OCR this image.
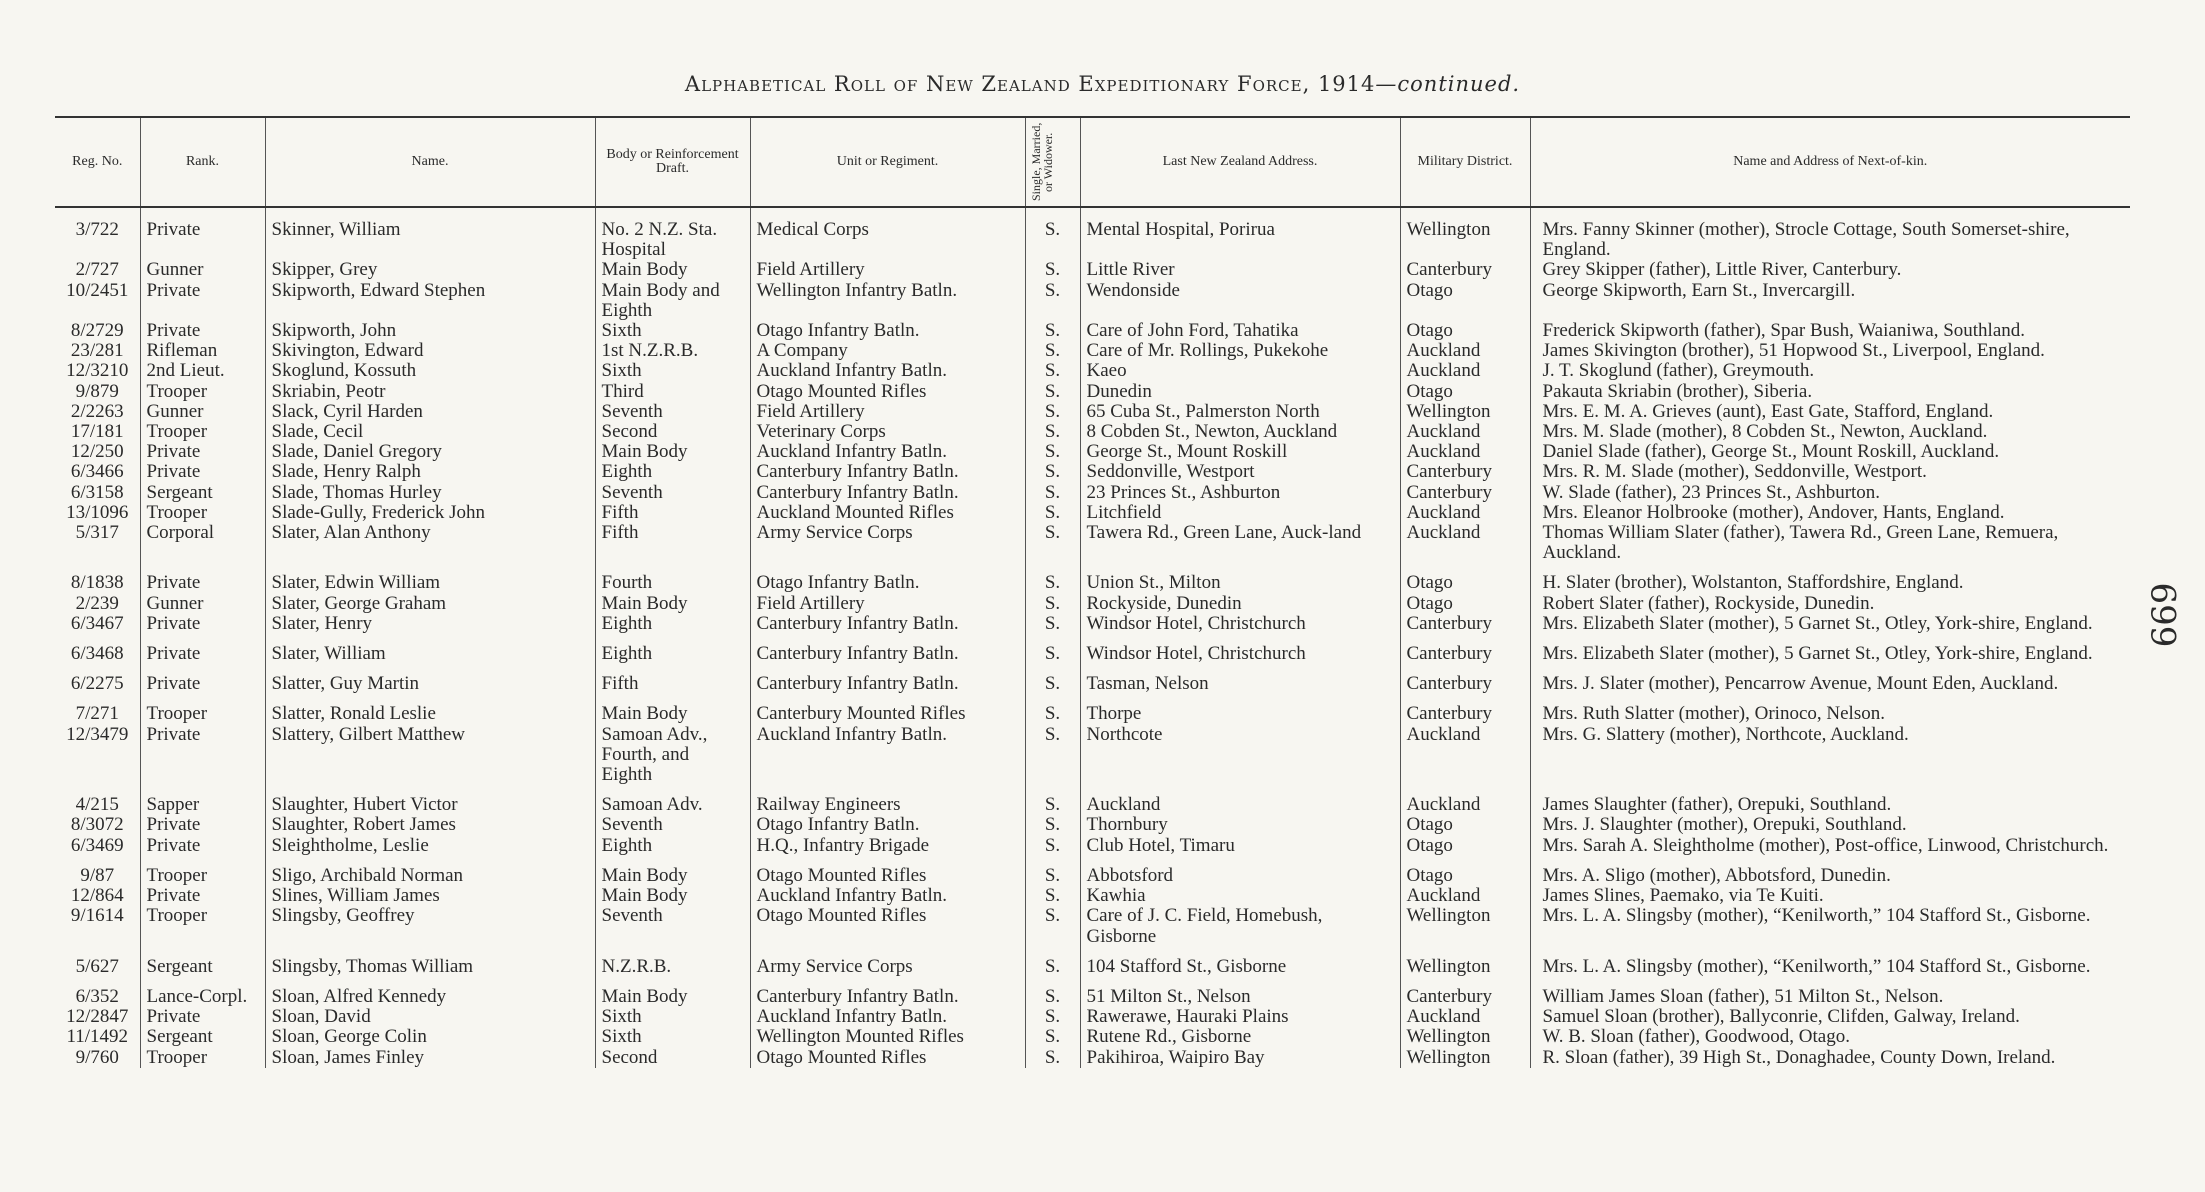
Alphabetical Roll of New Zealand Expeditionary Force, 1914—continued.
699
Reg. No.	Rank.	Name.	Body or Reinforcement Draft.	Unit or Regiment.	Single, Married, or Widower.	Last New Zealand Address.	Military District.	Name and Address of Next-of-kin.
3/722	Private	Skinner, William	No. 2 N.Z. Sta. Hospital	Medical Corps	S.	Mental Hospital, Porirua	Wellington	Mrs. Fanny Skinner (mother), Strocle Cottage, South Somerset-shire, England.
2/727	Gunner	Skipper, Grey	Main Body	Field Artillery	S.	Little River	Canterbury	Grey Skipper (father), Little River, Canterbury.
10/2451	Private	Skipworth, Edward Stephen	Main Body and Eighth	Wellington Infantry Batln.	S.	Wendonside	Otago	George Skipworth, Earn St., Invercargill.
8/2729	Private	Skipworth, John	Sixth	Otago Infantry Batln.	S.	Care of John Ford, Tahatika	Otago	Frederick Skipworth (father), Spar Bush, Waianiwa, Southland.
23/281	Rifleman	Skivington, Edward	1st N.Z.R.B.	A Company	S.	Care of Mr. Rollings, Pukekohe	Auckland	James Skivington (brother), 51 Hopwood St., Liverpool, England.
12/3210	2nd Lieut.	Skoglund, Kossuth	Sixth	Auckland Infantry Batln.	S.	Kaeo	Auckland	J. T. Skoglund (father), Greymouth.
9/879	Trooper	Skriabin, Peotr	Third	Otago Mounted Rifles	S.	Dunedin	Otago	Pakauta Skriabin (brother), Siberia.
2/2263	Gunner	Slack, Cyril Harden	Seventh	Field Artillery	S.	65 Cuba St., Palmerston North	Wellington	Mrs. E. M. A. Grieves (aunt), East Gate, Stafford, England.
17/181	Trooper	Slade, Cecil	Second	Veterinary Corps	S.	8 Cobden St., Newton, Auckland	Auckland	Mrs. M. Slade (mother), 8 Cobden St., Newton, Auckland.
12/250	Private	Slade, Daniel Gregory	Main Body	Auckland Infantry Batln.	S.	George St., Mount Roskill	Auckland	Daniel Slade (father), George St., Mount Roskill, Auckland.
6/3466	Private	Slade, Henry Ralph	Eighth	Canterbury Infantry Batln.	S.	Seddonville, Westport	Canterbury	Mrs. R. M. Slade (mother), Seddonville, Westport.
6/3158	Sergeant	Slade, Thomas Hurley	Seventh	Canterbury Infantry Batln.	S.	23 Princes St., Ashburton	Canterbury	W. Slade (father), 23 Princes St., Ashburton.
13/1096	Trooper	Slade-Gully, Frederick John	Fifth	Auckland Mounted Rifles	S.	Litchfield	Auckland	Mrs. Eleanor Holbrooke (mother), Andover, Hants, England.
5/317	Corporal	Slater, Alan Anthony	Fifth	Army Service Corps	S.	Tawera Rd., Green Lane, Auck-land	Auckland	Thomas William Slater (father), Tawera Rd., Green Lane, Remuera, Auckland.
8/1838	Private	Slater, Edwin William	Fourth	Otago Infantry Batln.	S.	Union St., Milton	Otago	H. Slater (brother), Wolstanton, Staffordshire, England.
2/239	Gunner	Slater, George Graham	Main Body	Field Artillery	S.	Rockyside, Dunedin	Otago	Robert Slater (father), Rockyside, Dunedin.
6/3467	Private	Slater, Henry	Eighth	Canterbury Infantry Batln.	S.	Windsor Hotel, Christchurch	Canterbury	Mrs. Elizabeth Slater (mother), 5 Garnet St., Otley, York-shire, England.
6/3468	Private	Slater, William	Eighth	Canterbury Infantry Batln.	S.	Windsor Hotel, Christchurch	Canterbury	Mrs. Elizabeth Slater (mother), 5 Garnet St., Otley, York-shire, England.
6/2275	Private	Slatter, Guy Martin	Fifth	Canterbury Infantry Batln.	S.	Tasman, Nelson	Canterbury	Mrs. J. Slater (mother), Pencarrow Avenue, Mount Eden, Auckland.
7/271	Trooper	Slatter, Ronald Leslie	Main Body	Canterbury Mounted Rifles	S.	Thorpe	Canterbury	Mrs. Ruth Slatter (mother), Orinoco, Nelson.
12/3479	Private	Slattery, Gilbert Matthew	Samoan Adv., Fourth, and Eighth	Auckland Infantry Batln.	S.	Northcote	Auckland	Mrs. G. Slattery (mother), Northcote, Auckland.
4/215	Sapper	Slaughter, Hubert Victor	Samoan Adv.	Railway Engineers	S.	Auckland	Auckland	James Slaughter (father), Orepuki, Southland.
8/3072	Private	Slaughter, Robert James	Seventh	Otago Infantry Batln.	S.	Thornbury	Otago	Mrs. J. Slaughter (mother), Orepuki, Southland.
6/3469	Private	Sleightholme, Leslie	Eighth	H.Q., Infantry Brigade	S.	Club Hotel, Timaru	Otago	Mrs. Sarah A. Sleightholme (mother), Post-office, Linwood, Christchurch.
9/87	Trooper	Sligo, Archibald Norman	Main Body	Otago Mounted Rifles	S.	Abbotsford	Otago	Mrs. A. Sligo (mother), Abbotsford, Dunedin.
12/864	Private	Slines, William James	Main Body	Auckland Infantry Batln.	S.	Kawhia	Auckland	James Slines, Paemako, via Te Kuiti.
9/1614	Trooper	Slingsby, Geoffrey	Seventh	Otago Mounted Rifles	S.	Care of J. C. Field, Homebush, Gisborne	Wellington	Mrs. L. A. Slingsby (mother), “Kenilworth,” 104 Stafford St., Gisborne.
5/627	Sergeant	Slingsby, Thomas William	N.Z.R.B.	Army Service Corps	S.	104 Stafford St., Gisborne	Wellington	Mrs. L. A. Slingsby (mother), “Kenilworth,” 104 Stafford St., Gisborne.
6/352	Lance-Corpl.	Sloan, Alfred Kennedy	Main Body	Canterbury Infantry Batln.	S.	51 Milton St., Nelson	Canterbury	William James Sloan (father), 51 Milton St., Nelson.
12/2847	Private	Sloan, David	Sixth	Auckland Infantry Batln.	S.	Rawerawe, Hauraki Plains	Auckland	Samuel Sloan (brother), Ballyconrie, Clifden, Galway, Ireland.
11/1492	Sergeant	Sloan, George Colin	Sixth	Wellington Mounted Rifles	S.	Rutene Rd., Gisborne	Wellington	W. B. Sloan (father), Goodwood, Otago.
9/760	Trooper	Sloan, James Finley	Second	Otago Mounted Rifles	S.	Pakihiroa, Waipiro Bay	Wellington	R. Sloan (father), 39 High St., Donaghadee, County Down, Ireland.
